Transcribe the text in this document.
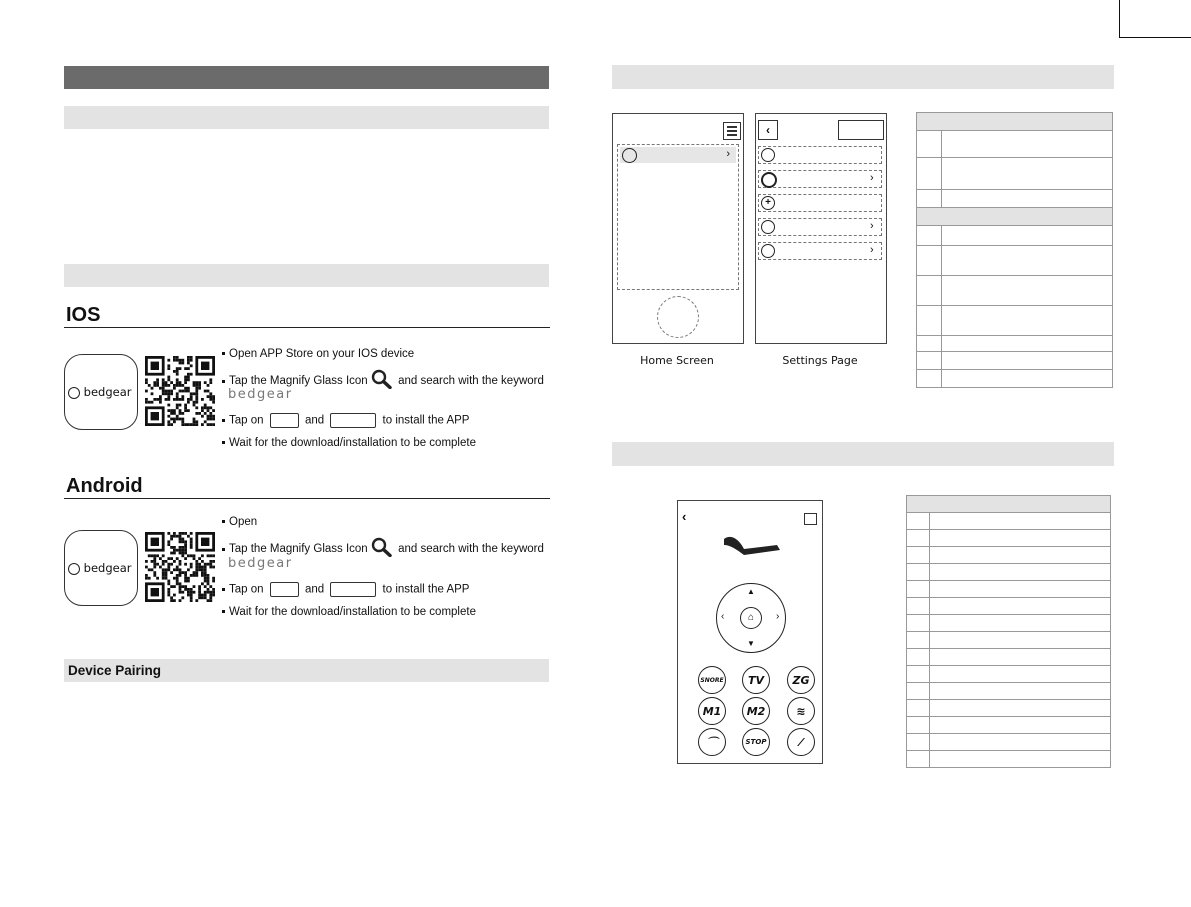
IOS
bedgear
Open APP Store on your IOS device
Tap the Magnify Glass Icon	and search with the keyword
bedgear
Tap on	and	to install the APP
Wait for the download/installation to be complete
Android
bedgear
Open
Tap the Magnify Glass Icon	and search with the keyword
bedgear
Tap on	and	to install the APP
Wait for the download/installation to be complete
Device Pairing
›
Home Screen
‹
+
›
›
›
Settings Page

‹
▲
▼
‹	›
⌂
SNORE	TV	ZG
M1	M2	≋
⌒	STOP	⁄
